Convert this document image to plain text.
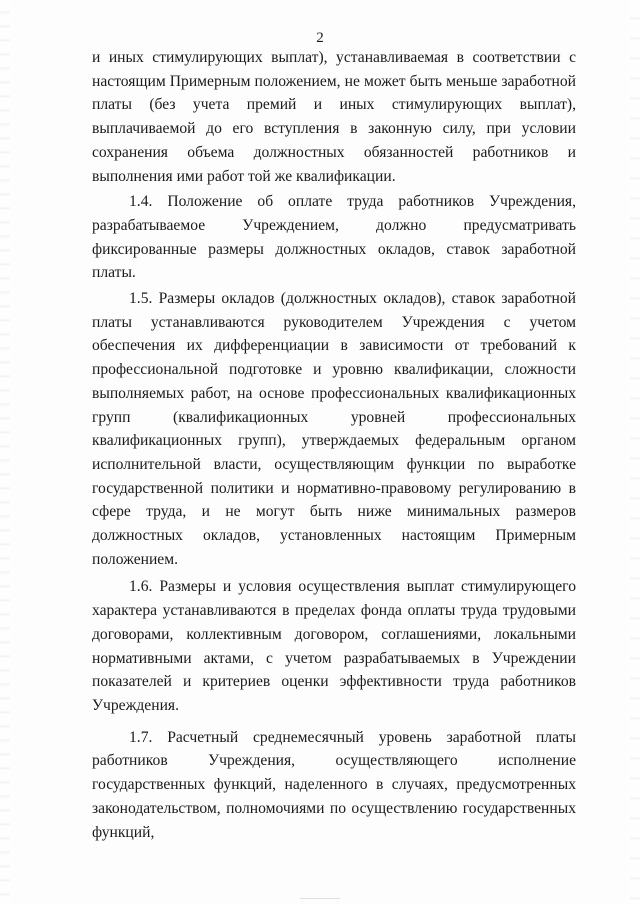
2

и иных стимулирующих выплат), устанавливаемая в соответствии с настоящим Примерным положением, не может быть меньше заработной платы (без учета премий и иных стимулирующих выплат), выплачиваемой до его вступления в законную силу, при условии сохранения объема должностных обязанностей работников и выполнения ими работ той же квалификации.

1.4. Положение об оплате труда работников Учреждения, разрабатываемое Учреждением, должно предусматривать фиксированные размеры должностных окладов, ставок заработной платы.

1.5. Размеры окладов (должностных окладов), ставок заработной платы устанавливаются руководителем Учреждения с учетом обеспечения их дифференциации в зависимости от требований к профессиональной подготовке и уровню квалификации, сложности выполняемых работ, на основе профессиональных квалификационных групп (квалификационных уровней профессиональных квалификационных групп), утверждаемых федеральным органом исполнительной власти, осуществляющим функции по выработке государственной политики и нормативно-правовому регулированию в сфере труда, и не могут быть ниже минимальных размеров должностных окладов, установленных настоящим Примерным положением.

1.6. Размеры и условия осуществления выплат стимулирующего характера устанавливаются в пределах фонда оплаты труда трудовыми договорами, коллективным договором, соглашениями, локальными нормативными актами, с учетом разрабатываемых в Учреждении показателей и критериев оценки эффективности труда работников Учреждения.

1.7. Расчетный среднемесячный уровень заработной платы работников Учреждения, осуществляющего исполнение государственных функций, наделенного в случаях, предусмотренных законодательством, полномочиями по осуществлению государственных функций,
